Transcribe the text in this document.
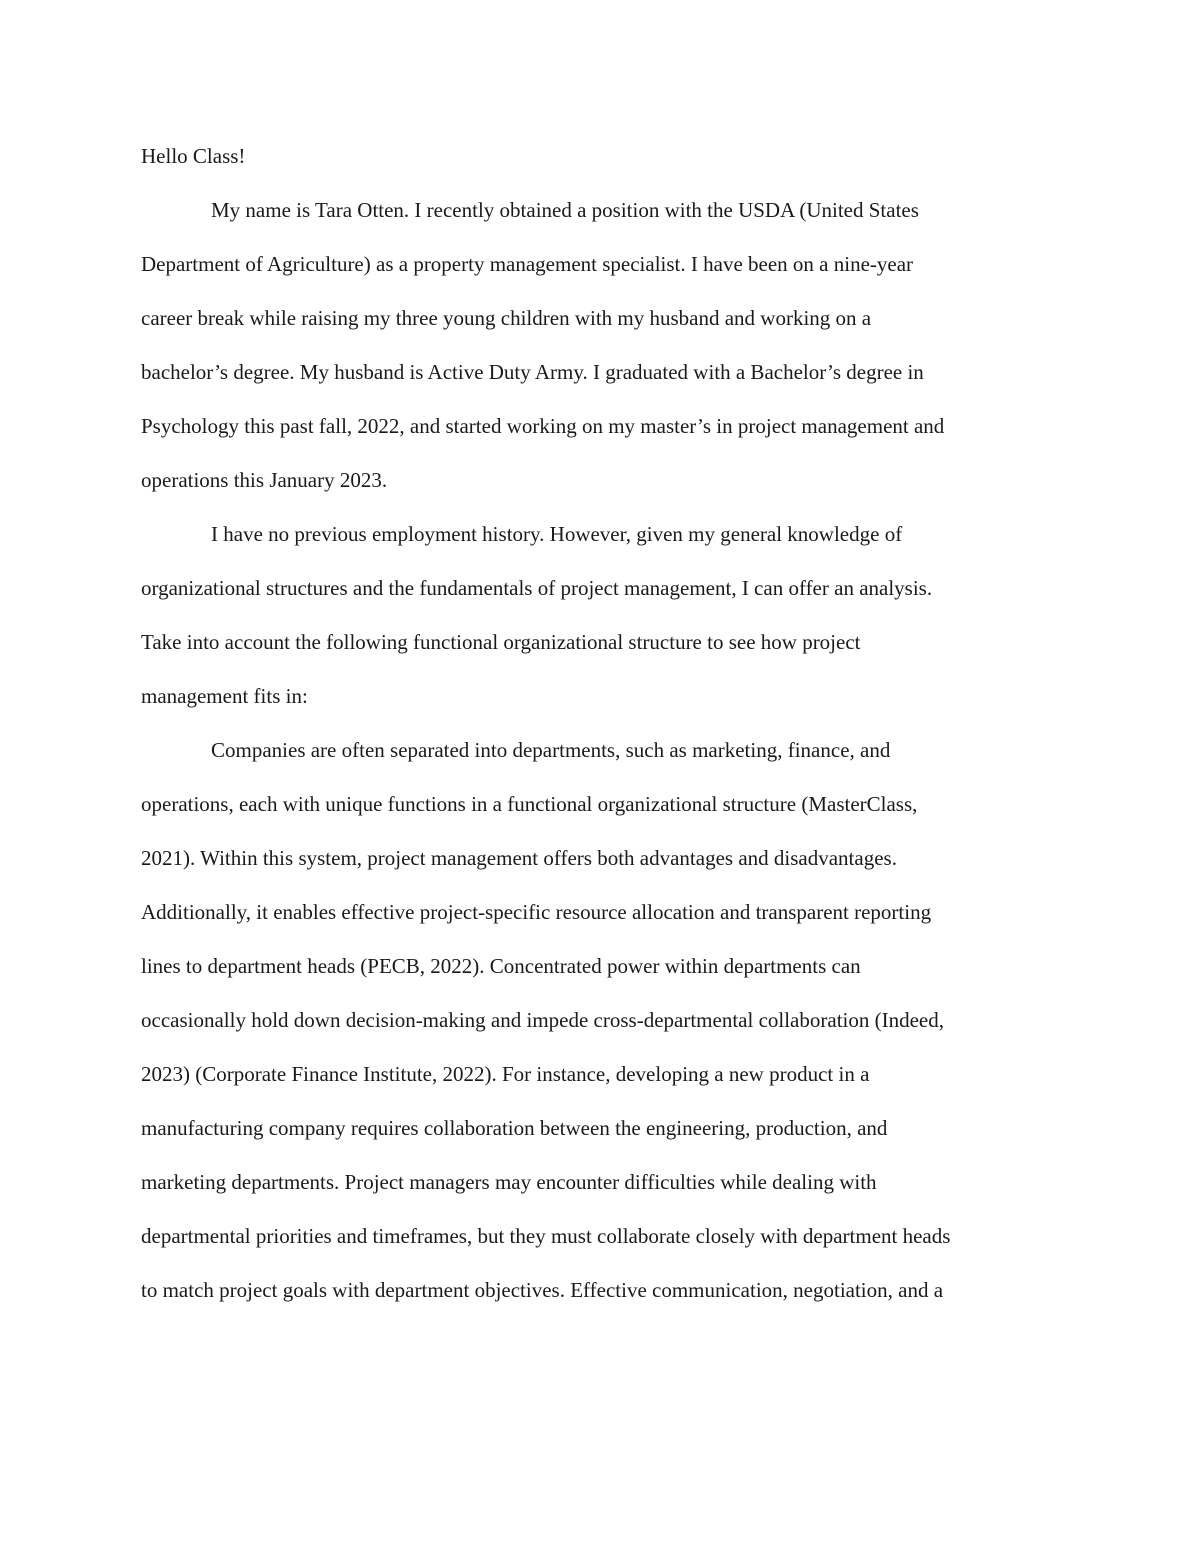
Hello Class!

My name is Tara Otten. I recently obtained a position with the USDA (United States

Department of Agriculture) as a property management specialist. I have been on a nine-year

career break while raising my three young children with my husband and working on a

bachelor’s degree. My husband is Active Duty Army. I graduated with a Bachelor’s degree in

Psychology this past fall, 2022, and started working on my master’s in project management and

operations this January 2023.

I have no previous employment history. However, given my general knowledge of

organizational structures and the fundamentals of project management, I can offer an analysis.

Take into account the following functional organizational structure to see how project

management fits in:

Companies are often separated into departments, such as marketing, finance, and

operations, each with unique functions in a functional organizational structure (MasterClass,

2021). Within this system, project management offers both advantages and disadvantages.

Additionally, it enables effective project-specific resource allocation and transparent reporting

lines to department heads (PECB, 2022). Concentrated power within departments can

occasionally hold down decision-making and impede cross-departmental collaboration (Indeed,

2023) (Corporate Finance Institute, 2022). For instance, developing a new product in a

manufacturing company requires collaboration between the engineering, production, and

marketing departments. Project managers may encounter difficulties while dealing with

departmental priorities and timeframes, but they must collaborate closely with department heads

to match project goals with department objectives. Effective communication, negotiation, and a
